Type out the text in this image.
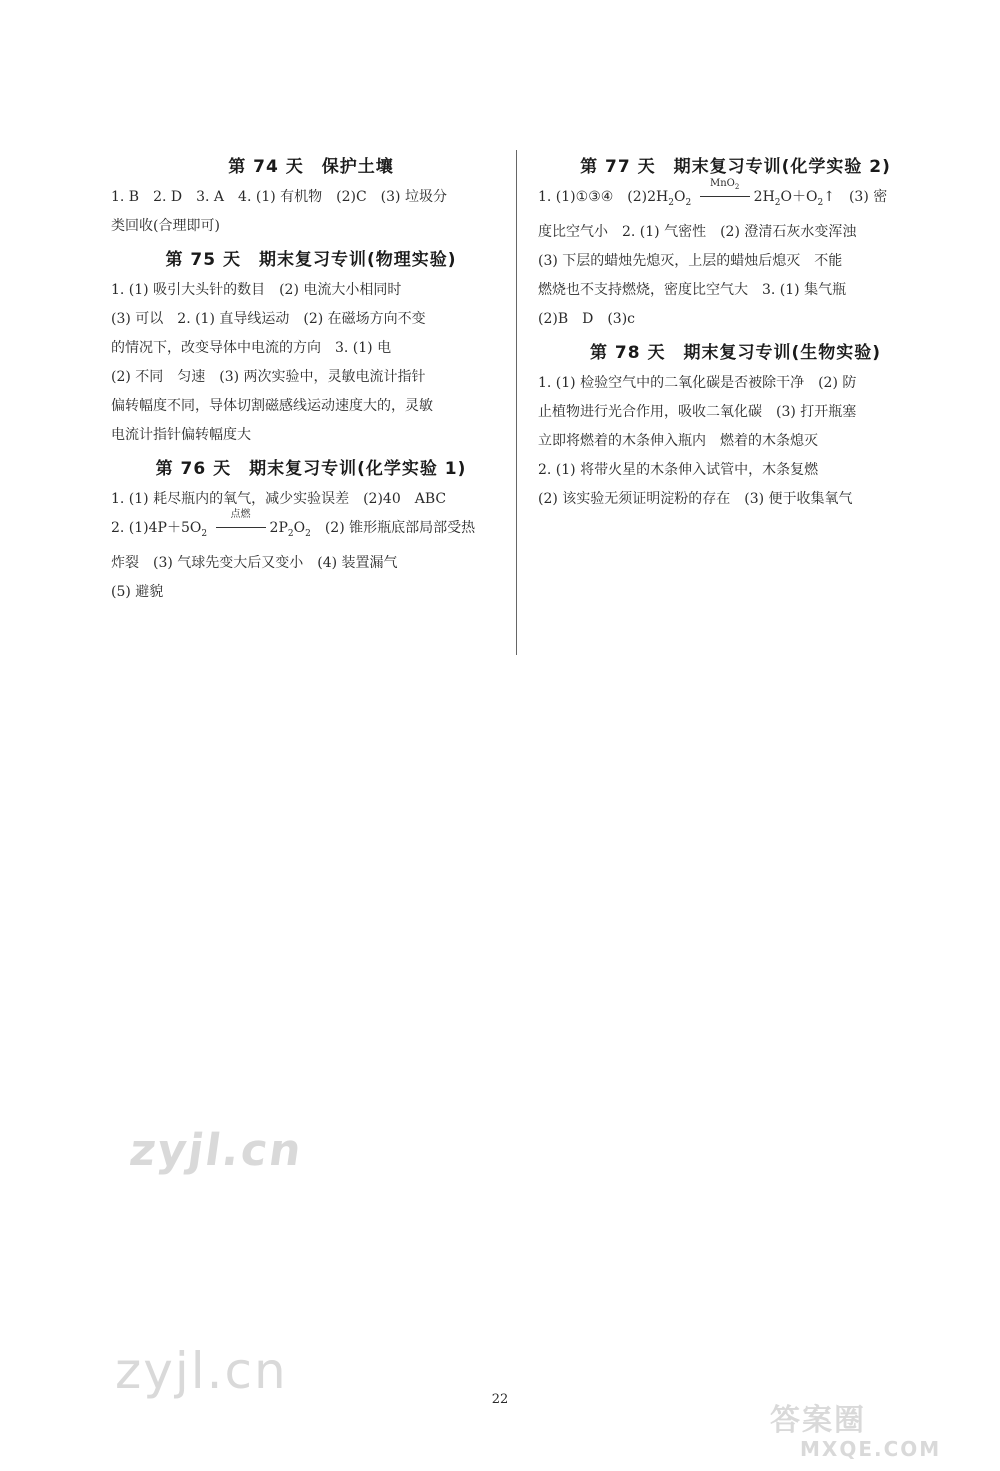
第 74 天　保护土壤

1. B　2. D　3. A　4. (1) 有机物　(2)C　(3) 垃圾分

类回收(合理即可)

第 75 天　期末复习专训(物理实验)

1. (1) 吸引大头针的数目　(2) 电流大小相同时

(3) 可以　2. (1) 直导线运动　(2) 在磁场方向不变

的情况下，改变导体中电流的方向　3. (1) 电

(2) 不同　匀速　(3) 两次实验中，灵敏电流计指针

偏转幅度不同，导体切割磁感线运动速度大的，灵敏

电流计指针偏转幅度大

第 76 天　期末复习专训(化学实验 1)

1. (1) 耗尽瓶内的氧气，减少实验误差　(2)40　ABC

2. $(1)4P+5O_2$
点燃
$2P_2O_2$　(2) 锥形瓶底部局部受热

炸裂　(3) 气球先变大后又变小　(4) 装置漏气

(5) 避貌

第 77 天　期末复习专训(化学实验 2)

1. (1)①③④　$(2)2H_2O_2$
MnO$_2$
$2H_2O+O_2↑$　(3) 密

度比空气小　2. (1) 气密性　(2) 澄清石灰水变浑浊

(3) 下层的蜡烛先熄灭，上层的蜡烛后熄灭　不能

燃烧也不支持燃烧，密度比空气大　3. (1) 集气瓶

(2)B　D　(3)c

第 78 天　期末复习专训(生物实验)

1. (1) 检验空气中的二氧化碳是否被除干净　(2) 防

止植物进行光合作用，吸收二氧化碳　(3) 打开瓶塞

立即将燃着的木条伸入瓶内　燃着的木条熄灭

2. (1) 将带火星的木条伸入试管中，木条复燃

(2) 该实验无须证明淀粉的存在　(3) 便于收集氧气

zyjl.cn
zyjl.cn
答案圈
MXQE.COM
22
